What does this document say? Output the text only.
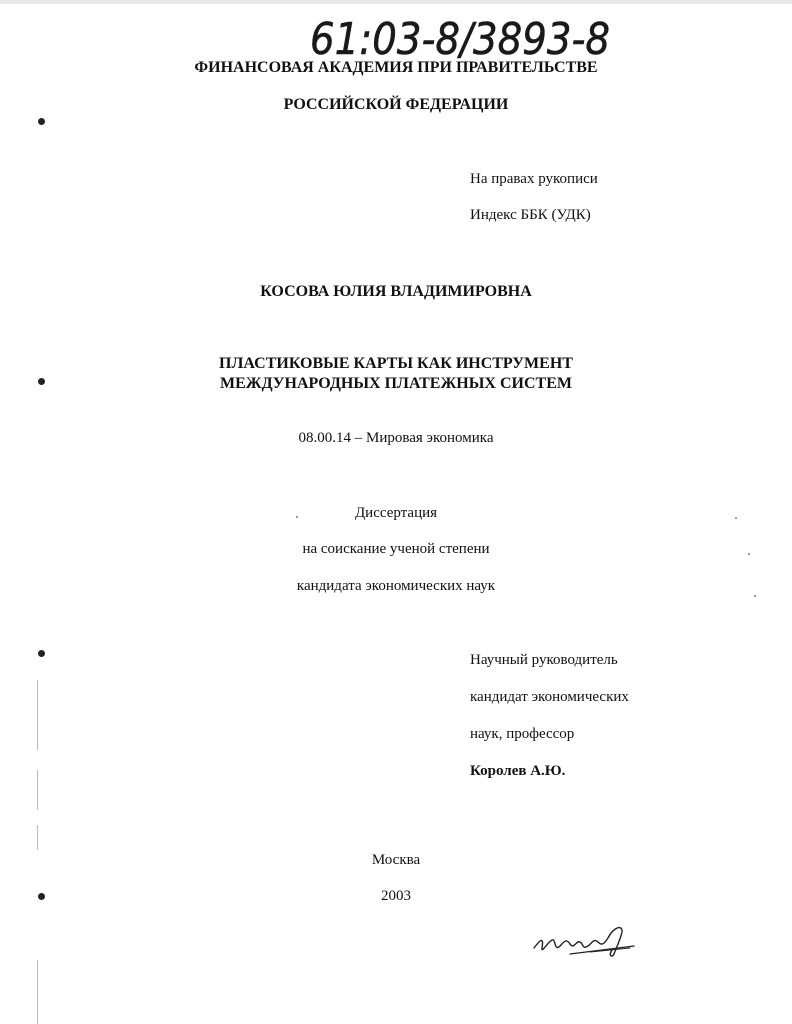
61:03-8/3893-8
ФИНАНСОВАЯ АКАДЕМИЯ ПРИ ПРАВИТЕЛЬСТВЕ
РОССИЙСКОЙ ФЕДЕРАЦИИ
На правах рукописи
Индекс ББК (УДК)
КОСОВА ЮЛИЯ ВЛАДИМИРОВНА
ПЛАСТИКОВЫЕ КАРТЫ КАК ИНСТРУМЕНТ
МЕЖДУНАРОДНЫХ ПЛАТЕЖНЫХ СИСТЕМ
08.00.14 – Мировая экономика
Диссертация
на соискание ученой степени
кандидата экономических наук
Научный руководитель
кандидат экономических
наук, профессор
Королев А.Ю.
Москва
2003
